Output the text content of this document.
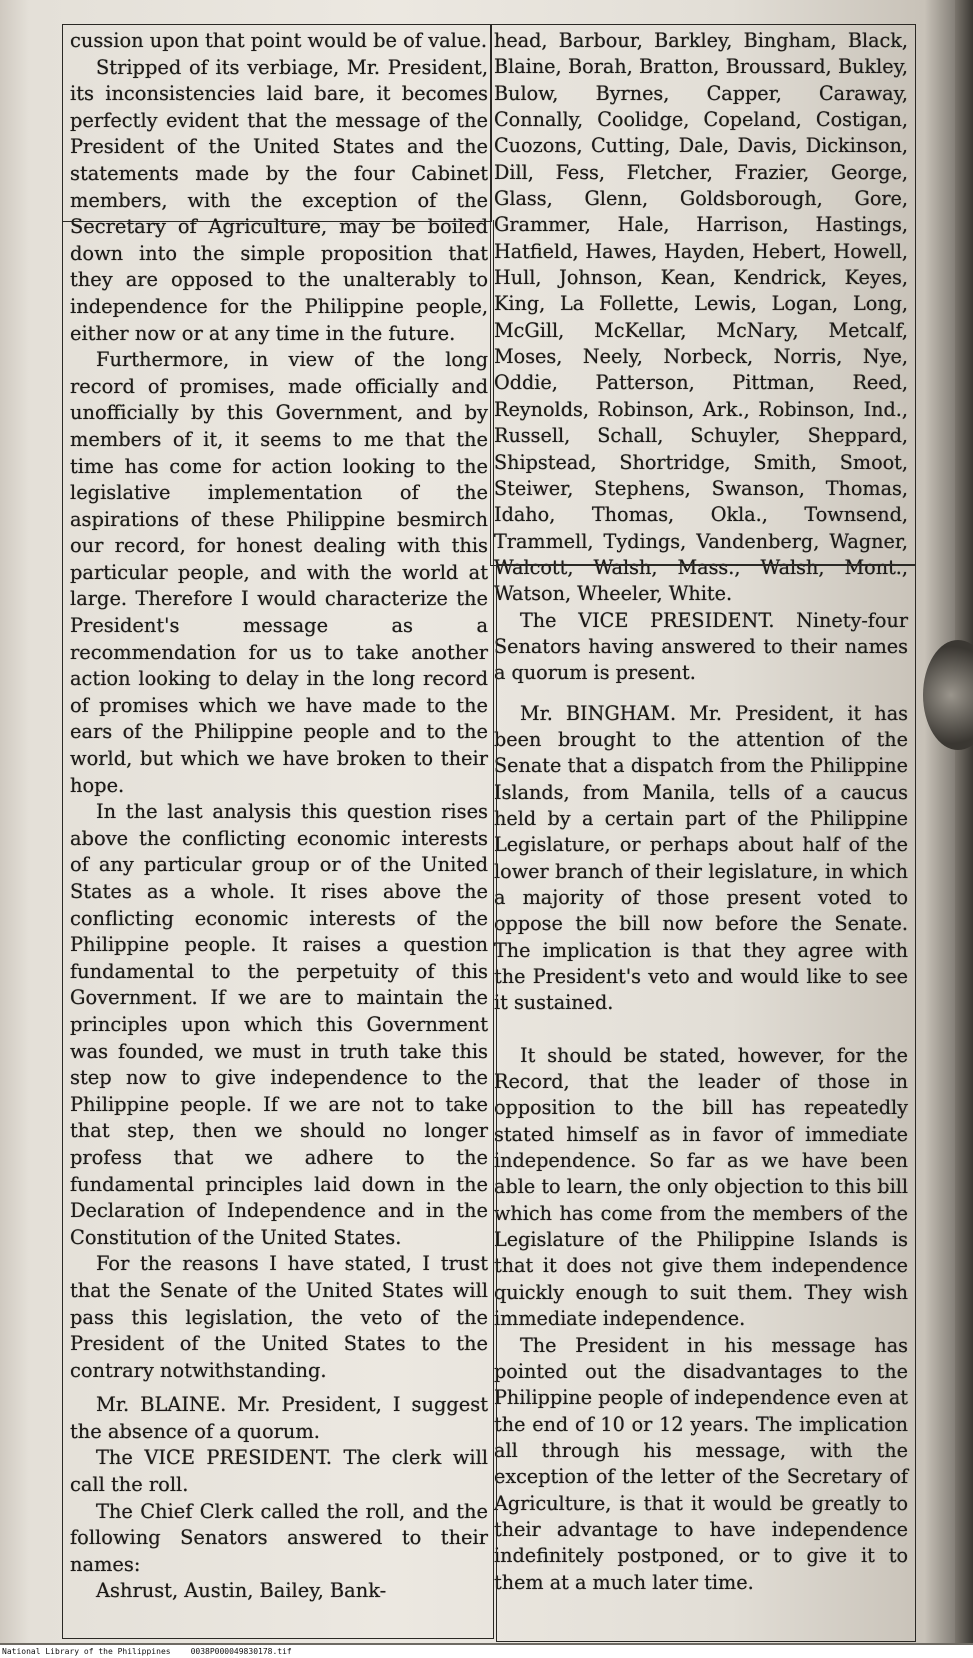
cussion upon that point would be of value.

Stripped of its verbiage, Mr. President, its inconsistencies laid bare, it becomes perfectly evident that the message of the President of the United States and the statements made by the four Cabinet members, with the exception of the Secretary of Agriculture, may be boiled down into the simple proposition that they are opposed to the unalterably to independence for the Philippine people, either now or at any time in the future.

Furthermore, in view of the long record of promises, made officially and unofficially by this Government, and by members of it, it seems to me that the time has come for action looking to the legislative implementation of the aspirations of these Philippine besmirch our record, for honest dealing with this particular people, and with the world at large. Therefore I would characterize the President's message as a recommendation for us to take another action looking to delay in the long record of promises which we have made to the ears of the Philippine people and to the world, but which we have broken to their hope.

In the last analysis this question rises above the conflicting economic interests of any particular group or of the United States as a whole. It rises above the conflicting economic interests of the Philippine people. It raises a question fundamental to the perpetuity of this Government. If we are to maintain the principles upon which this Government was founded, we must in truth take this step now to give independence to the Philippine people. If we are not to take that step, then we should no longer profess that we adhere to the fundamental principles laid down in the Declaration of Independence and in the Constitution of the United States.

For the reasons I have stated, I trust that the Senate of the United States will pass this legislation, the veto of the President of the United States to the contrary notwithstanding.

Mr. BLAINE. Mr. President, I suggest the absence of a quorum.

The VICE PRESIDENT. The clerk will call the roll.

The Chief Clerk called the roll, and the following Senators answered to their names:

Ashrust, Austin, Bailey, Bank-

head, Barbour, Barkley, Bingham, Black, Blaine, Borah, Bratton, Broussard, Bukley, Bulow, Byrnes, Capper, Caraway, Connally, Coolidge, Copeland, Costigan, Cuozons, Cutting, Dale, Davis, Dickinson, Dill, Fess, Fletcher, Frazier, George, Glass, Glenn, Goldsborough, Gore, Grammer, Hale, Harrison, Hastings, Hatfield, Hawes, Hayden, Hebert, Howell, Hull, Johnson, Kean, Kendrick, Keyes, King, La Follette, Lewis, Logan, Long, McGill, McKellar, McNary, Metcalf, Moses, Neely, Norbeck, Norris, Nye, Oddie, Patterson, Pittman, Reed, Reynolds, Robinson, Ark., Robinson, Ind., Russell, Schall, Schuyler, Sheppard, Shipstead, Shortridge, Smith, Smoot, Steiwer, Stephens, Swanson, Thomas, Idaho, Thomas, Okla., Townsend, Trammell, Tydings, Vandenberg, Wagner, Walcott, Walsh, Mass., Walsh, Mont., Watson, Wheeler, White.

The VICE PRESIDENT. Ninety-four Senators having answered to their names a quorum is present.

Mr. BINGHAM. Mr. President, it has been brought to the attention of the Senate that a dispatch from the Philippine Islands, from Manila, tells of a caucus held by a certain part of the Philippine Legislature, or perhaps about half of the lower branch of their legislature, in which a majority of those present voted to oppose the bill now before the Senate. The implication is that they agree with the President's veto and would like to see it sustained.

It should be stated, however, for the Record, that the leader of those in opposition to the bill has repeatedly stated himself as in favor of immediate independence. So far as we have been able to learn, the only objection to this bill which has come from the members of the Legislature of the Philippine Islands is that it does not give them independence quickly enough to suit them. They wish immediate independence.

The President in his message has pointed out the disadvantages to the Philippine people of independence even at the end of 10 or 12 years. The implication all through his message, with the exception of the letter of the Secretary of Agriculture, is that it would be greatly to their advantage to have independence indefinitely postponed, or to give it to them at a much later time.

National Library of the Philippines	0038P000049830178.tif
